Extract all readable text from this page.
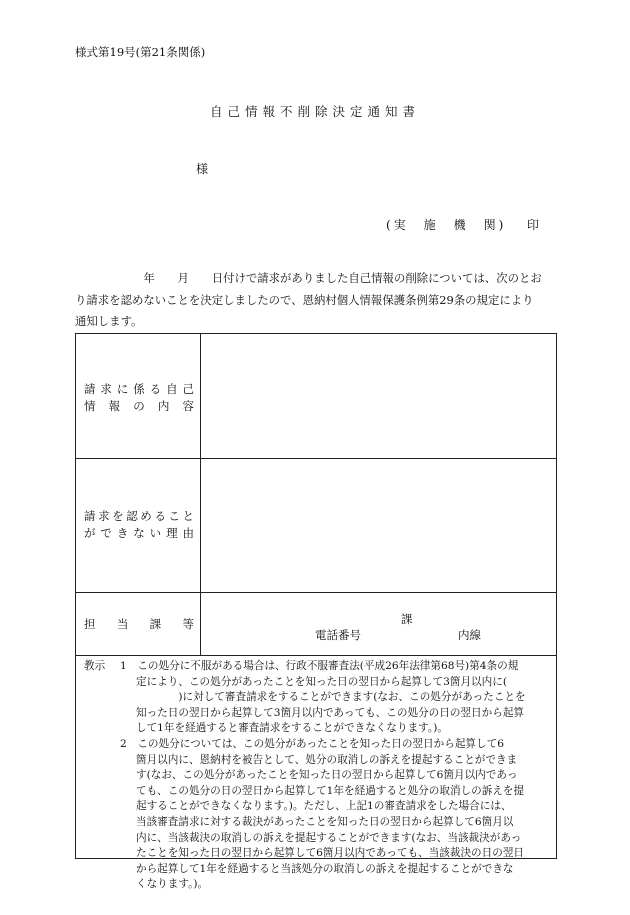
様式第19号(第21条関係)
自己情報不削除決定通知書
様
(実　施　機　関) 印

　　　　　　年　　月　　日付けで請求がありました自己情報の削除については、次のとお

り請求を認めないことを決定しましたので、恩納村個人情報保護条例第29条の規定により

通知します。

請求に係る自己
情　報　の　内　容
請求を認めること
ができない理由
担　当　課　等	課
電話番号	内線
教示 1　この処分に不服がある場合は、行政不服審査法(平成26年法律第68号)第4条の規
定により、この処分があったことを知った日の翌日から起算して3箇月以内に(
　　　　)に対して審査請求をすることができます(なお、この処分があったことを
知った日の翌日から起算して3箇月以内であっても、この処分の日の翌日から起算
して1年を経過すると審査請求をすることができなくなります。)。
2　この処分については、この処分があったことを知った日の翌日から起算して6
箇月以内に、恩納村を被告として、処分の取消しの訴えを提起することができま
す(なお、この処分があったことを知った日の翌日から起算して6箇月以内であっ
ても、この処分の日の翌日から起算して1年を経過すると処分の取消しの訴えを提
起することができなくなります。)。ただし、上記1の審査請求をした場合には、
当該審査請求に対する裁決があったことを知った日の翌日から起算して6箇月以
内に、当該裁決の取消しの訴えを提起することができます(なお、当該裁決があっ
たことを知った日の翌日から起算して6箇月以内であっても、当該裁決の日の翌日
から起算して1年を経過すると当該処分の取消しの訴えを提起することができな
くなります。)。
